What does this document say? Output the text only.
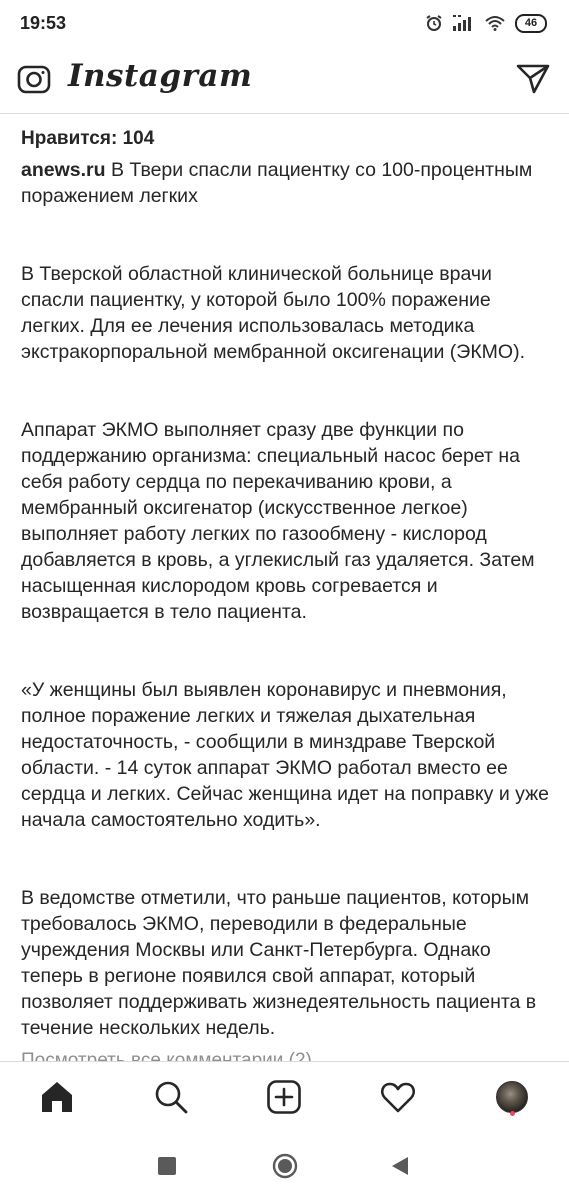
19:53	46
Instagram

Нравится: 104

anews.ru В Твери спасли пациентку со 100-процентным поражением легких

В Тверской областной клинической больнице врачи спасли пациентку, у которой было 100% поражение легких. Для ее лечения использовалась методика экстракорпоральной мембранной оксигенации (ЭКМО).

Аппарат ЭКМО выполняет сразу две функции по поддержанию организма: специальный насос берет на себя работу сердца по перекачиванию крови, а мембранный оксигенатор (искусственное легкое) выполняет работу легких по газообмену - кислород добавляется в кровь, а углекислый газ удаляется. Затем насыщенная кислородом кровь согревается и возвращается в тело пациента.

«У женщины был выявлен коронавирус и пневмония, полное поражение легких и тяжелая дыхательная недостаточность, - сообщили в минздраве Тверской области. - 14 суток аппарат ЭКМО работал вместо ее сердца и легких. Сейчас женщина идет на поправку и уже начала самостоятельно ходить».

В ведомстве отметили, что раньше пациентов, которым требовалось ЭКМО, переводили в федеральные учреждения Москвы или Санкт-Петербурга. Однако теперь в регионе появился свой аппарат, который позволяет поддерживать жизнедеятельность пациента в течение нескольких недель.
